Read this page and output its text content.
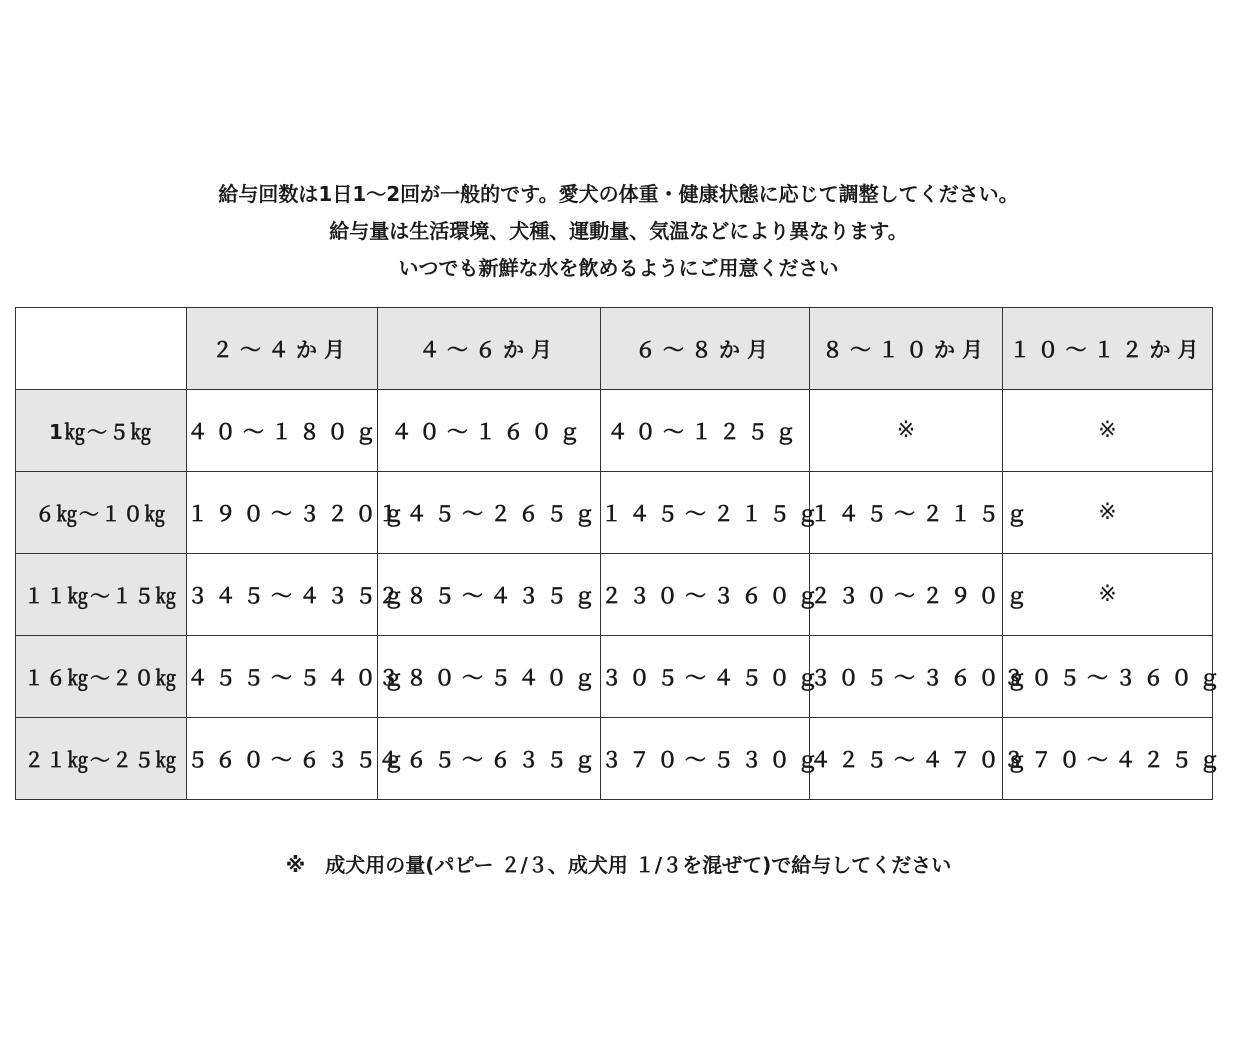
給与回数は1日1〜2回が一般的です。愛犬の体重・健康状態に応じて調整してください。
給与量は生活環境、犬種、運動量、気温などにより異なります。
いつでも新鮮な水を飲めるようにご用意ください
	２〜４か月	４〜６か月	６〜８か月	８〜１０か月	１０〜１２か月
1㎏〜５㎏	４０〜１８０ｇ	４０〜１６０ｇ	４０〜１２５ｇ	※	※
６㎏〜１０㎏	１９０〜３２０ｇ	１４５〜２６５ｇ	１４５〜２１５ｇ	１４５〜２１５ｇ	※
１１㎏〜１５㎏	３４５〜４３５ｇ	２８５〜４３５ｇ	２３０〜３６０ｇ	２３０〜２９０ｇ	※
１６㎏〜２０㎏	４５５〜５４０ｇ	３８０〜５４０ｇ	３０５〜４５０ｇ	３０５〜３６０ｇ	３０５〜３６０ｇ
２１㎏〜２５㎏	５６０〜６３５ｇ	４６５〜６３５ｇ	３７０〜５３０ｇ	４２５〜４７０ｇ	３７０〜４２５ｇ
※　成犬用の量(パピー ２/３、成犬用 １/３を混ぜて)で給与してください
